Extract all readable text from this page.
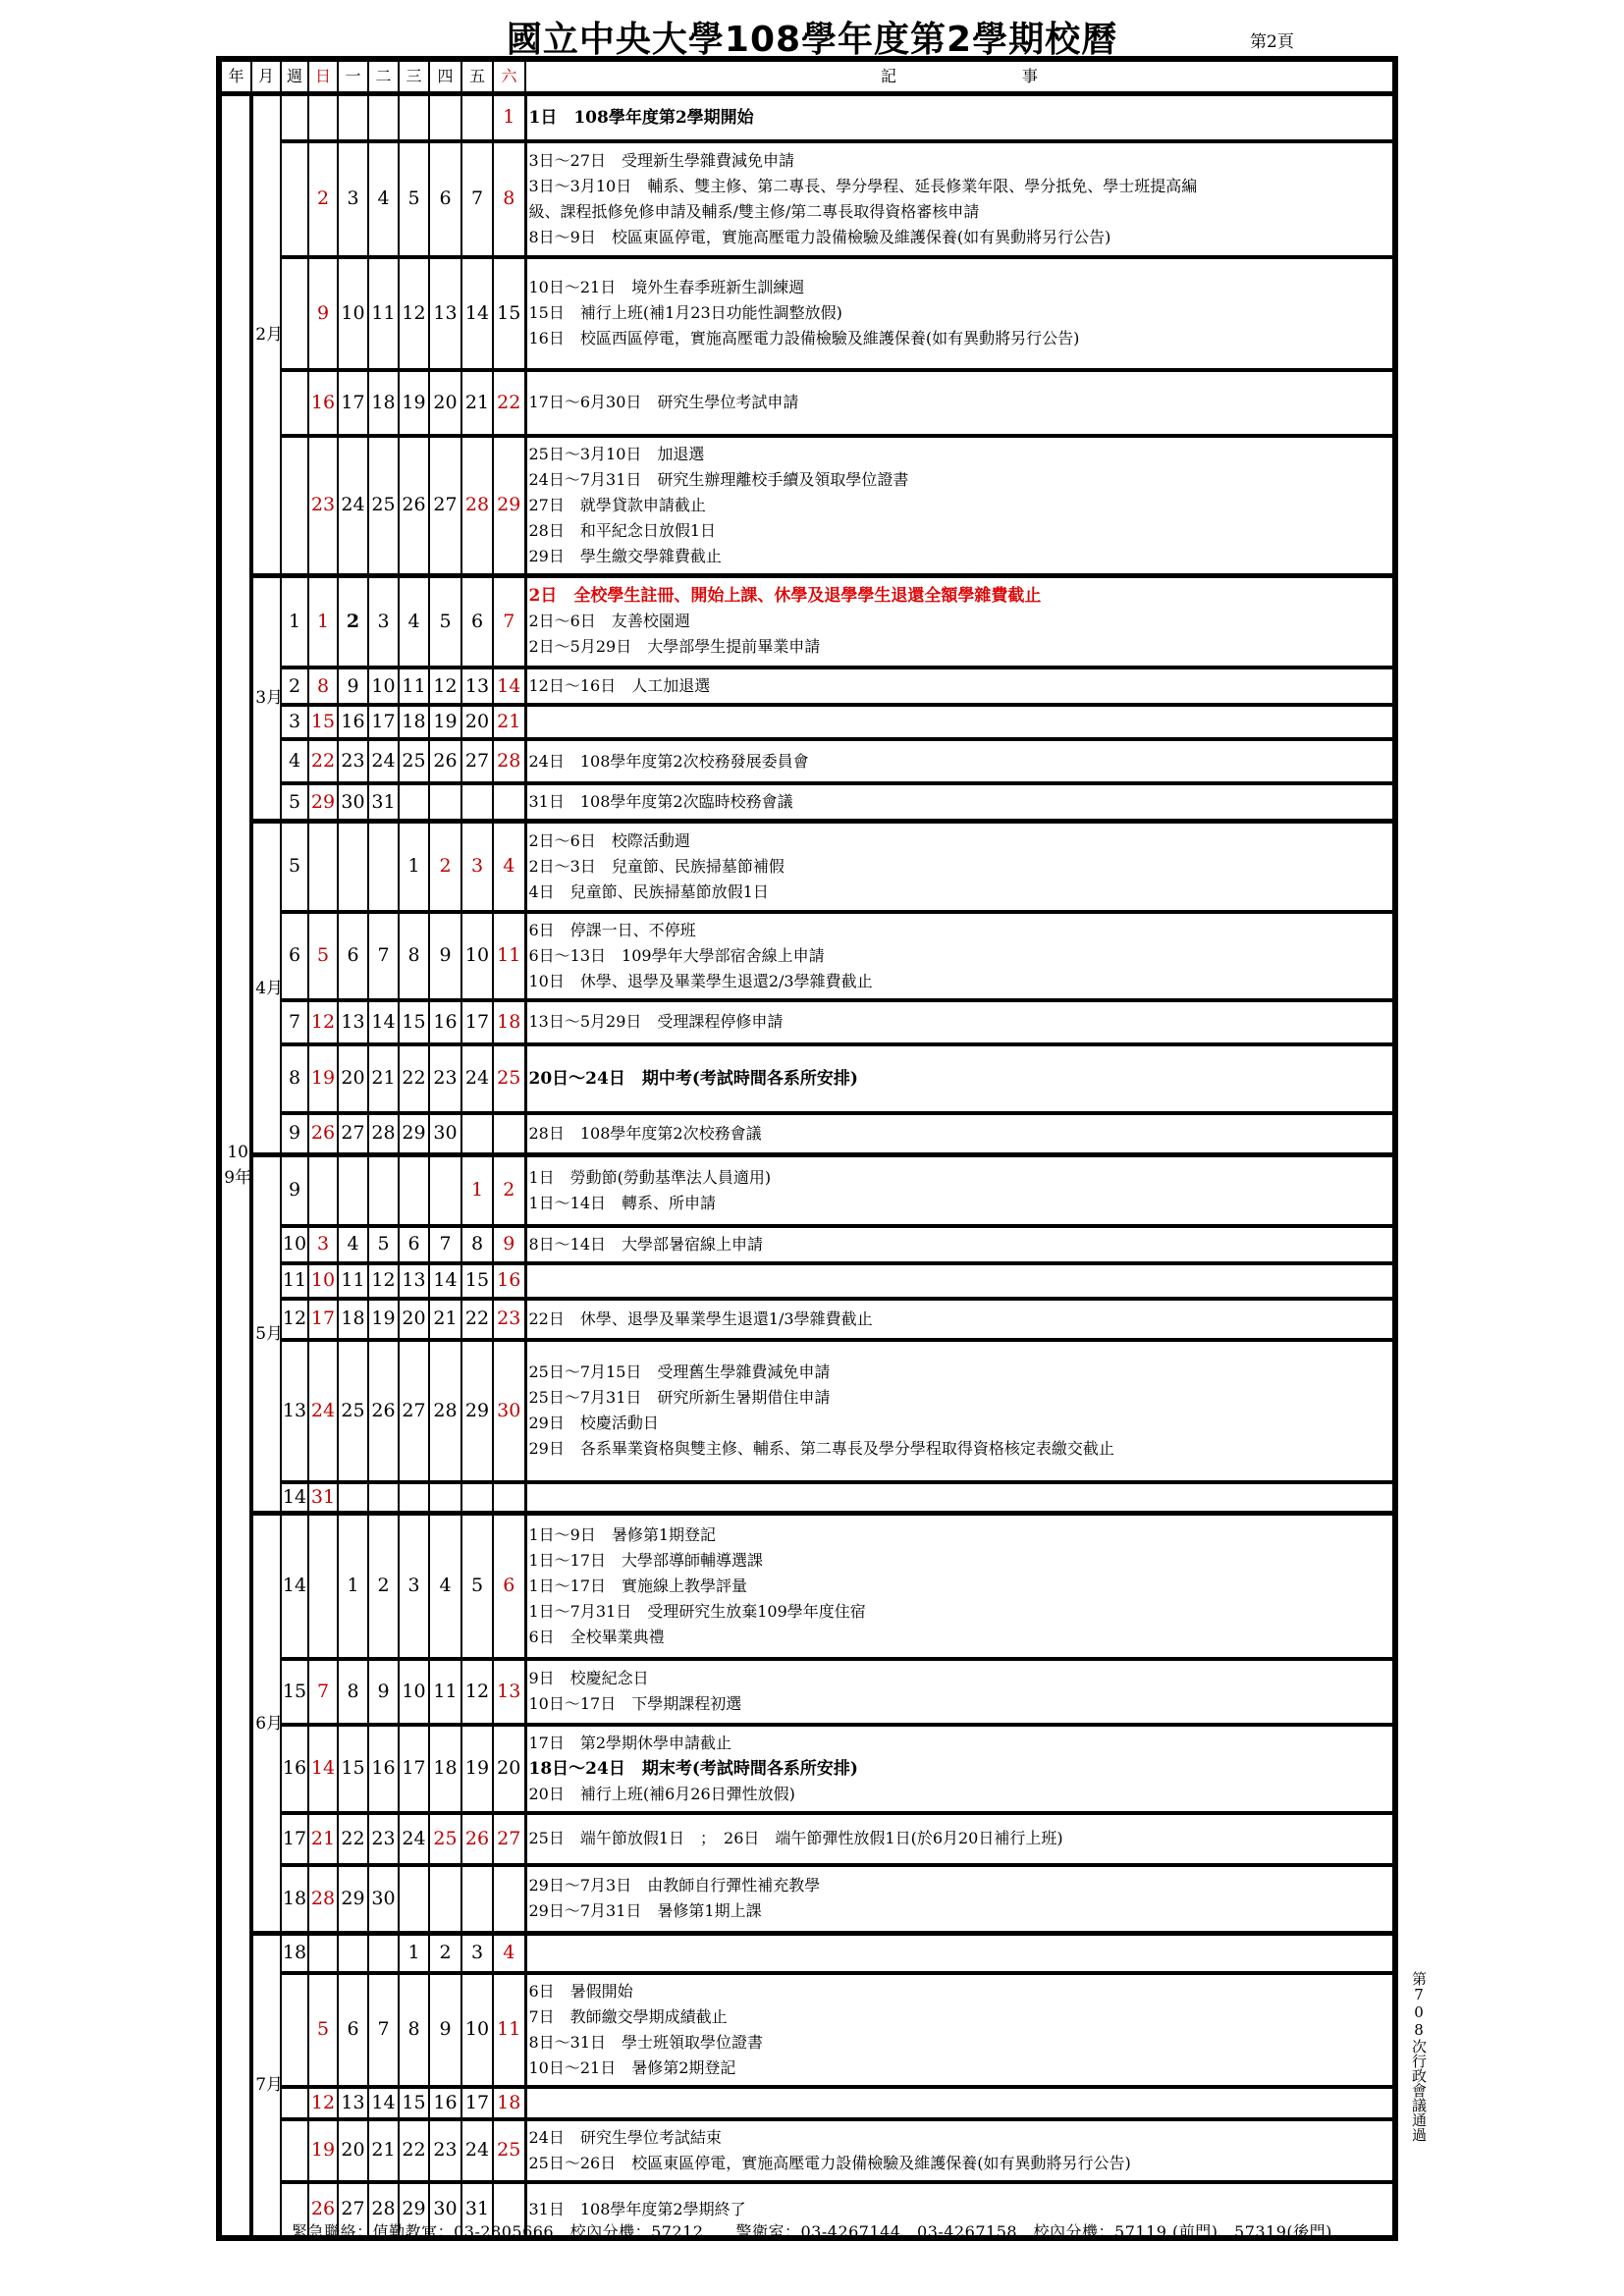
國立中央大學108學年度第2學期校曆	第2頁
年	月	週	日	一	二	三	四	五	六	記　　　　　　　　事
109年	2月								1	1日　108學年度第2學期開始

			2	3	4	5	6	7	8	3日～27日　受理新生學雜費減免申請
3日～3月10日　輔系、雙主修、第二專長、學分學程、延長修業年限、學分抵免、學士班提高編
級、課程抵修免修申請及輔系/雙主修/第二專長取得資格審核申請
8日～9日　校區東區停電，實施高壓電力設備檢驗及維護保養(如有異動將另行公告)

			9	10	11	12	13	14	15	10日～21日　境外生春季班新生訓練週
15日　補行上班(補1月23日功能性調整放假)
16日　校區西區停電，實施高壓電力設備檢驗及維護保養(如有異動將另行公告)

			16	17	18	19	20	21	22	17日～6月30日　研究生學位考試申請

			23	24	25	26	27	28	29	25日～3月10日　加退選
24日～7月31日　研究生辦理離校手續及領取學位證書
27日　就學貸款申請截止
28日　和平紀念日放假1日
29日　學生繳交學雜費截止

	3月	1	1	2	3	4	5	6	7	2日　全校學生註冊、開始上課、休學及退學學生退還全額學雜費截止
2日～6日　友善校園週
2日～5月29日　大學部學生提前畢業申請

		2	8	9	10	11	12	13	14	12日～16日　人工加退選

		3	15	16	17	18	19	20	21	
		4	22	23	24	25	26	27	28	24日　108學年度第2次校務發展委員會

		5	29	30	31					31日　108學年度第2次臨時校務會議

	4月	5				1	2	3	4	2日～6日　校際活動週
2日～3日　兒童節、民族掃墓節補假
4日　兒童節、民族掃墓節放假1日

		6	5	6	7	8	9	10	11	6日　停課一日、不停班
6日～13日　109學年大學部宿舍線上申請
10日　休學、退學及畢業學生退還2/3學雜費截止

		7	12	13	14	15	16	17	18	13日～5月29日　受理課程停修申請

		8	19	20	21	22	23	24	25	20日～24日　期中考(考試時間各系所安排)

		9	26	27	28	29	30			28日　108學年度第2次校務會議

	5月	9						1	2	1日　勞動節(勞動基準法人員適用)
1日～14日　轉系、所申請

		10	3	4	5	6	7	8	9	8日～14日　大學部暑宿線上申請

		11	10	11	12	13	14	15	16	
		12	17	18	19	20	21	22	23	22日　休學、退學及畢業學生退還1/3學雜費截止

		13	24	25	26	27	28	29	30	25日～7月15日　受理舊生學雜費減免申請
25日～7月31日　研究所新生暑期借住申請
29日　校慶活動日
29日　各系畢業資格與雙主修、輔系、第二專長及學分學程取得資格核定表繳交截止

		14	31							
	6月	14		1	2	3	4	5	6	1日～9日　暑修第1期登記
1日～17日　大學部導師輔導選課
1日～17日　實施線上教學評量
1日～7月31日　受理研究生放棄109學年度住宿
6日　全校畢業典禮

		15	7	8	9	10	11	12	13	9日　校慶紀念日
10日～17日　下學期課程初選

		16	14	15	16	17	18	19	20	17日　第2學期休學申請截止
18日～24日　期末考(考試時間各系所安排)
20日　補行上班(補6月26日彈性放假)

		17	21	22	23	24	25	26	27	25日　端午節放假1日　；　26日　端午節彈性放假1日(於6月20日補行上班)

		18	28	29	30					29日～7月3日　由教師自行彈性補充教學
29日～7月31日　暑修第1期上課

	7月	18				1	2	3	4	
			5	6	7	8	9	10	11	6日　暑假開始
7日　教師繳交學期成績截止
8日～31日　學士班領取學位證書
10日～21日　暑修第2期登記

			12	13	14	15	16	17	18	
			19	20	21	22	23	24	25	24日　研究生學位考試結束
25日～26日　校區東區停電，實施高壓電力設備檢驗及維護保養(如有異動將另行公告)

			26	27	28	29	30	31		31日　108學年度第2學期終了
第708次行政會議通過
緊急聯絡：值勤教官：03-2805666，校內分機：57212　，警衛室：03-4267144、03-4267158，校內分機：57119 (前門)、57319(後門)
